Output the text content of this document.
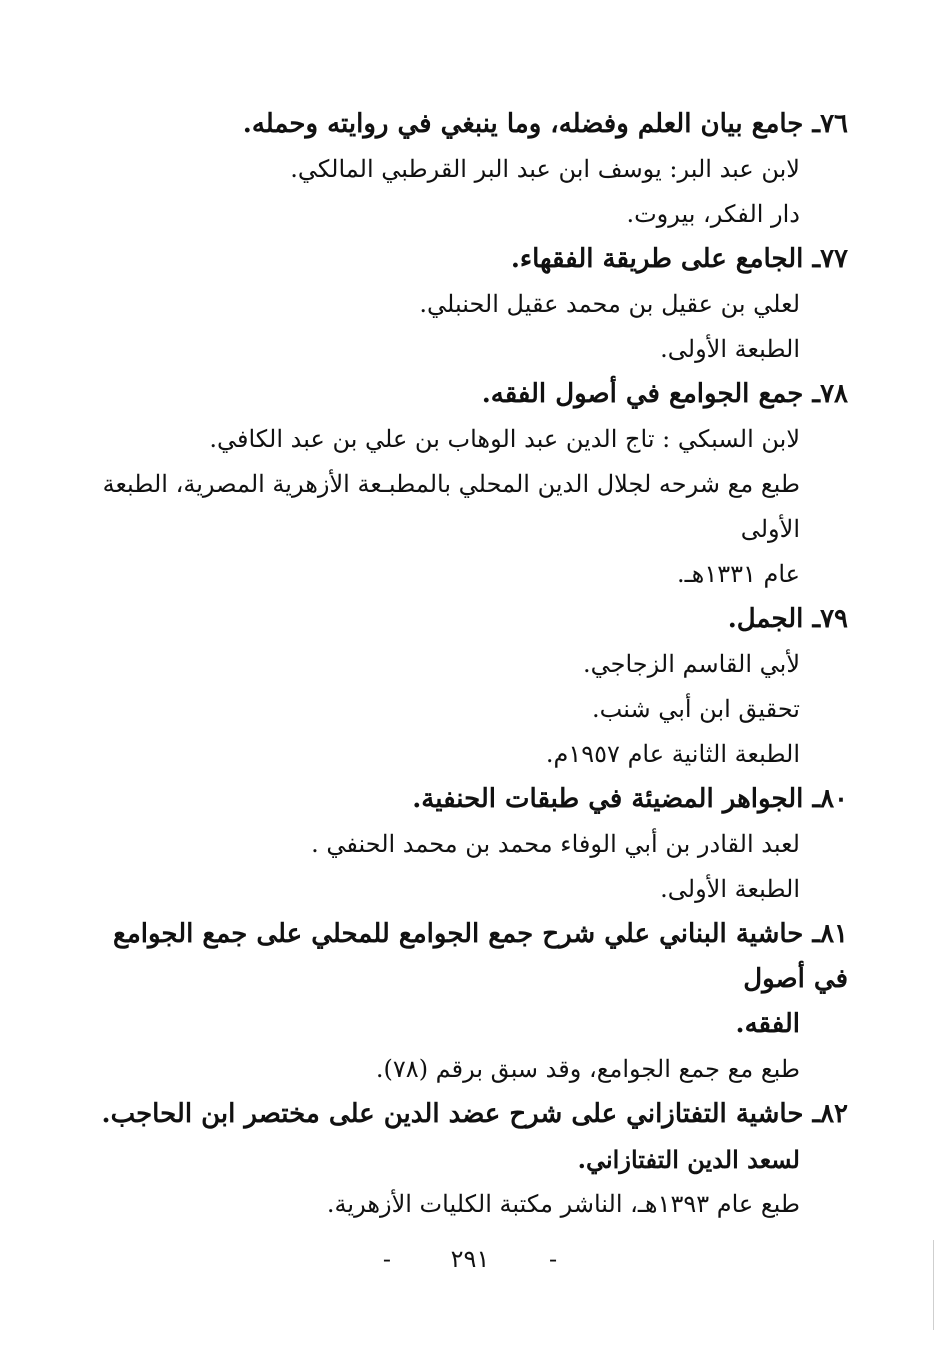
٧٦ـ جامع بيان العلم وفضله، وما ينبغي في روايته وحمله.

لابن عبد البر: يوسف ابن عبد البر القرطبي المالكي.

دار الفكر، بيروت.

٧٧ـ الجامع على طريقة الفقهاء.

لعلي بن عقيل بن محمد عقيل الحنبلي.

الطبعة الأولى.

٧٨ـ جمع الجوامع في أصول الفقه.

لابن السبكي : تاج الدين عبد الوهاب بن علي بن عبد الكافي.

طبع مع شرحه لجلال الدين المحلي بالمطبـعة الأزهرية المصرية، الطبعة الأولى

عام ١٣٣١هـ.

٧٩ـ الجمل.

لأبي القاسم الزجاجي.

تحقيق ابن أبي شنب.

الطبعة الثانية عام ١٩٥٧م.

٨٠ـ الجواهر المضيئة في طبقات الحنفية.

لعبد القادر بن أبي الوفاء محمد بن محمد الحنفي .

الطبعة الأولى.

٨١ـ حاشية البناني علي شرح جمع الجوامع للمحلي على جمع الجوامع في أصول

الفقه.

طبع مع جمع الجوامع، وقد سبق برقم (٧٨).

٨٢ـ حاشية التفتازاني على شرح عضد الدين على مختصر ابن الحاجب.

لسعد الدين التفتازاني.

طبع عام ١٣٩٣هـ، الناشر مكتبة الكليات الأزهرية.

- ٢٩١ -
